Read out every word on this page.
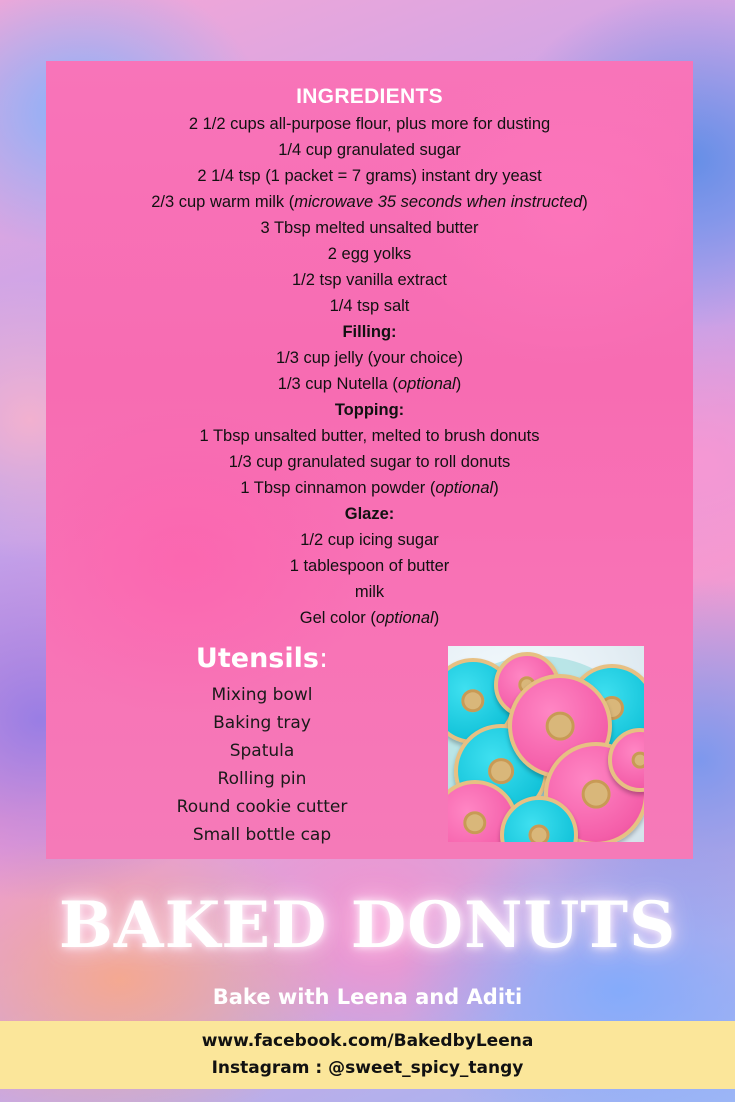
INGREDIENTS
2 1/2 cups all-purpose flour, plus more for dusting
1/4 cup granulated sugar
2 1/4 tsp (1 packet = 7 grams) instant dry yeast
2/3 cup warm milk (microwave 35 seconds when instructed)
3 Tbsp melted unsalted butter
2 egg yolks
1/2 tsp vanilla extract
1/4 tsp salt
Filling:
1/3 cup jelly (your choice)
1/3 cup Nutella (optional)
Topping:
1 Tbsp unsalted butter, melted to brush donuts
1/3 cup granulated sugar to roll donuts
1 Tbsp cinnamon powder (optional)
Glaze:
1/2 cup icing sugar
1 tablespoon of butter
milk
Gel color (optional)
Utensils:
Mixing bowl
Baking tray
Spatula
Rolling pin
Round cookie cutter
Small bottle cap
BAKED DONUTS
Bake with Leena and Aditi
www.facebook.com/BakedbyLeena
Instagram : @sweet_spicy_tangy
